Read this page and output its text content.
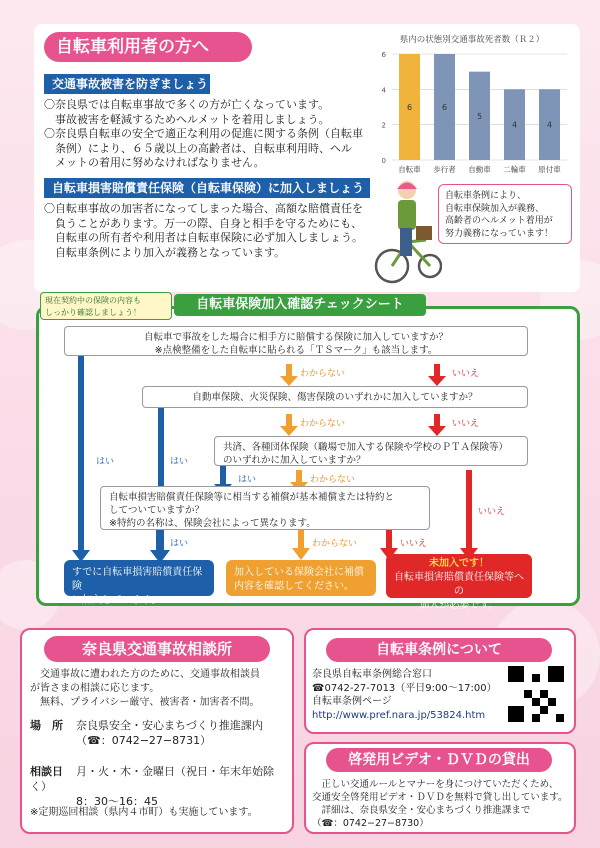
自転車利用者の方へ
交通事故被害を防ぎましょう
〇奈良県では自転車事故で多くの方が亡くなっています。
　事故被害を軽減するためヘルメットを着用しましょう。
〇奈良県自転車の安全で適正な利用の促進に関する条例（自転車
　条例）により、６５歳以上の高齢者は、自転車利用時、ヘル
　メットの着用に努めなければなりません。
自転車損害賠償責任保険（自転車保険）に加入しましょう
〇自転車事故の加害者になってしまった場合、高額な賠償責任を
　負うことがあります。万一の際、自身と相手を守るためにも、
　自転車の所有者や利用者は自転車保険に必ず加入しましょう。
　自転車条例により加入が義務となっています。
県内の状態別交通事故死者数（Ｒ２）
0
2
4
6
6
自転車
6
歩行者
5
自動車
4
二輪車
4
原付車
自転車条例により、
自転車保険加入が義務、
高齢者のヘルメット着用が
努力義務になっています！
自転車保険加入確認チェックシート
現在契約中の保険の内容も
しっかり確認しましょう！
自転車で事故をした場合に相手方に賠償する保険に加入していますか？
※点検整備をした自転車に貼られる「ＴＳマーク」も該当します。
自動車保険、火災保険、傷害保険のいずれかに加入していますか？
共済、各種団体保険（職場で加入する保険や学校のＰＴＡ保険等）
のいずれかに加入していますか？
自転車損害賠償責任保険等に相当する補償が基本補償または特約と
してついていますか？
※特約の名称は、保険会社によって異なります。
わからない	いいえ
わからない	いいえ
はい	はい
はい	わからない
いいえ
はい	わからない	いいえ
すでに自転車損害賠償責任保険
に加入しています。
加入している保険会社に補償
内容を確認してください。
未加入です！
自転車損害賠償責任保険等への
加入が必要です。
奈良県交通事故相談所
　交通事故に遭われた方のために、交通事故相談員
が皆さまの相談に応じます。
　無料、プライバシー厳守、被害者・加害者不問。
場　所 奈良県安全・安心まちづくり推進課内
（☎：0742−27−8731）
相談日 月・火・木・金曜日（祝日・年末年始除く）
8：30〜16：45
※定期巡回相談（県内４市町）も実施しています。
自転車条例について
奈良県自転車条例総合窓口
☎0742-27-7013（平日9:00〜17:00）
自転車条例ページ
http://www.pref.nara.jp/53824.htm
啓発用ビデオ・ＤＶＤの貸出
　正しい交通ルールとマナーを身につけていただくため、
交通安全啓発用ビデオ・ＤＶＤを無料で貸し出しています。
　詳細は、奈良県安全・安心まちづくり推進課まで
（☎：0742−27−8730）
